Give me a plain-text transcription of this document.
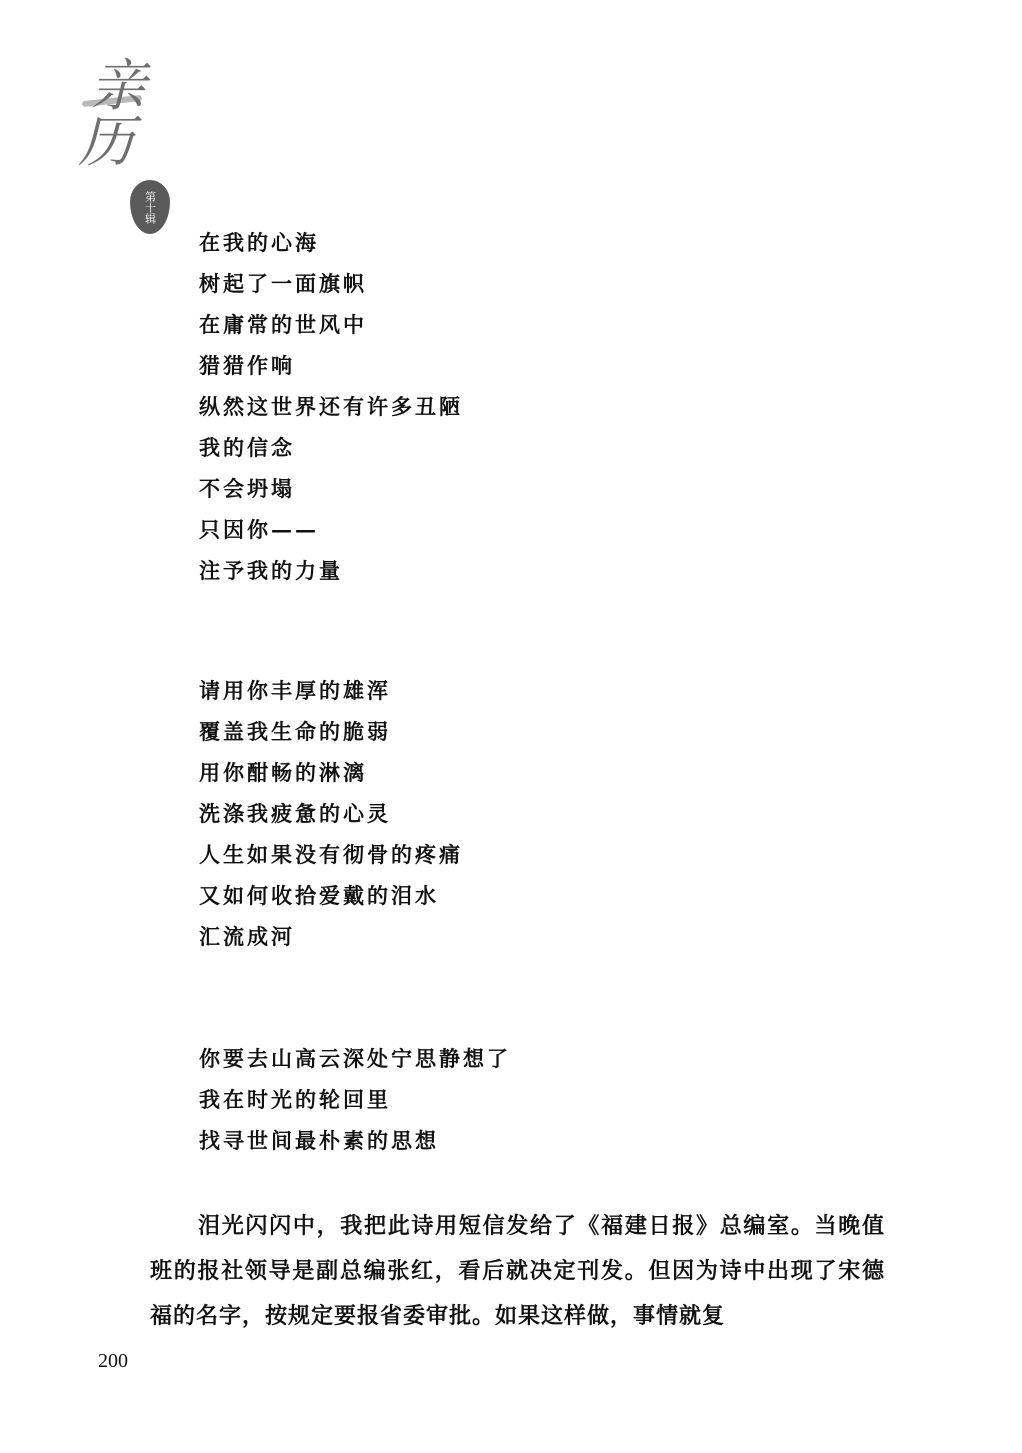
亲
历
第十辑
在我的心海
树起了一面旗帜
在庸常的世风中
猎猎作响
纵然这世界还有许多丑陋
我的信念
不会坍塌
只因你——
注予我的力量
请用你丰厚的雄浑
覆盖我生命的脆弱
用你酣畅的淋漓
洗涤我疲惫的心灵
人生如果没有彻骨的疼痛
又如何收拾爱戴的泪水
汇流成河
你要去山高云深处宁思静想了
我在时光的轮回里
找寻世间最朴素的思想

泪光闪闪中，我把此诗用短信发给了《福建日报》总编室。当晚值班的报社领导是副总编张红，看后就决定刊发。但因为诗中出现了宋德福的名字，按规定要报省委审批。如果这样做，事情就复

200
